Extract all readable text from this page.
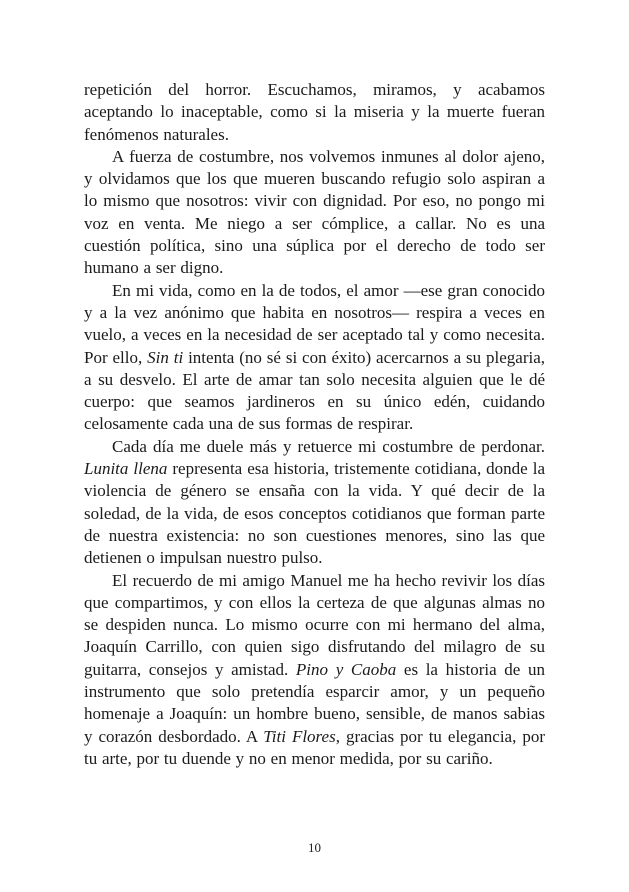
repetición del horror. Escuchamos, miramos, y acabamos aceptando lo inaceptable, como si la miseria y la muerte fueran fenómenos naturales.

A fuerza de costumbre, nos volvemos inmunes al dolor ajeno, y olvidamos que los que mueren buscando refugio solo aspiran a lo mismo que nosotros: vivir con dignidad. Por eso, no pongo mi voz en venta. Me niego a ser cómplice, a callar. No es una cuestión política, sino una súplica por el derecho de todo ser humano a ser digno.

En mi vida, como en la de todos, el amor —ese gran conocido y a la vez anónimo que habita en nosotros— respira a veces en vuelo, a veces en la necesidad de ser aceptado tal y como necesita. Por ello, Sin ti intenta (no sé si con éxito) acercarnos a su plegaria, a su desvelo. El arte de amar tan solo necesita alguien que le dé cuerpo: que seamos jardineros en su único edén, cuidando celosamente cada una de sus formas de respirar.

Cada día me duele más y retuerce mi costumbre de perdonar. Lunita llena representa esa historia, tristemente cotidiana, donde la violencia de género se ensaña con la vida. Y qué decir de la soledad, de la vida, de esos conceptos cotidianos que forman parte de nuestra existencia: no son cuestiones menores, sino las que detienen o impulsan nuestro pulso.

El recuerdo de mi amigo Manuel me ha hecho revivir los días que compartimos, y con ellos la certeza de que algunas almas no se despiden nunca. Lo mismo ocurre con mi hermano del alma, Joaquín Carrillo, con quien sigo disfrutando del milagro de su guitarra, consejos y amistad. Pino y Caoba es la historia de un instrumento que solo pretendía esparcir amor, y un pequeño homenaje a Joaquín: un hombre bueno, sensible, de manos sabias y corazón desbordado. A Titi Flores, gracias por tu elegancia, por tu arte, por tu duende y no en menor medida, por su cariño.

10
